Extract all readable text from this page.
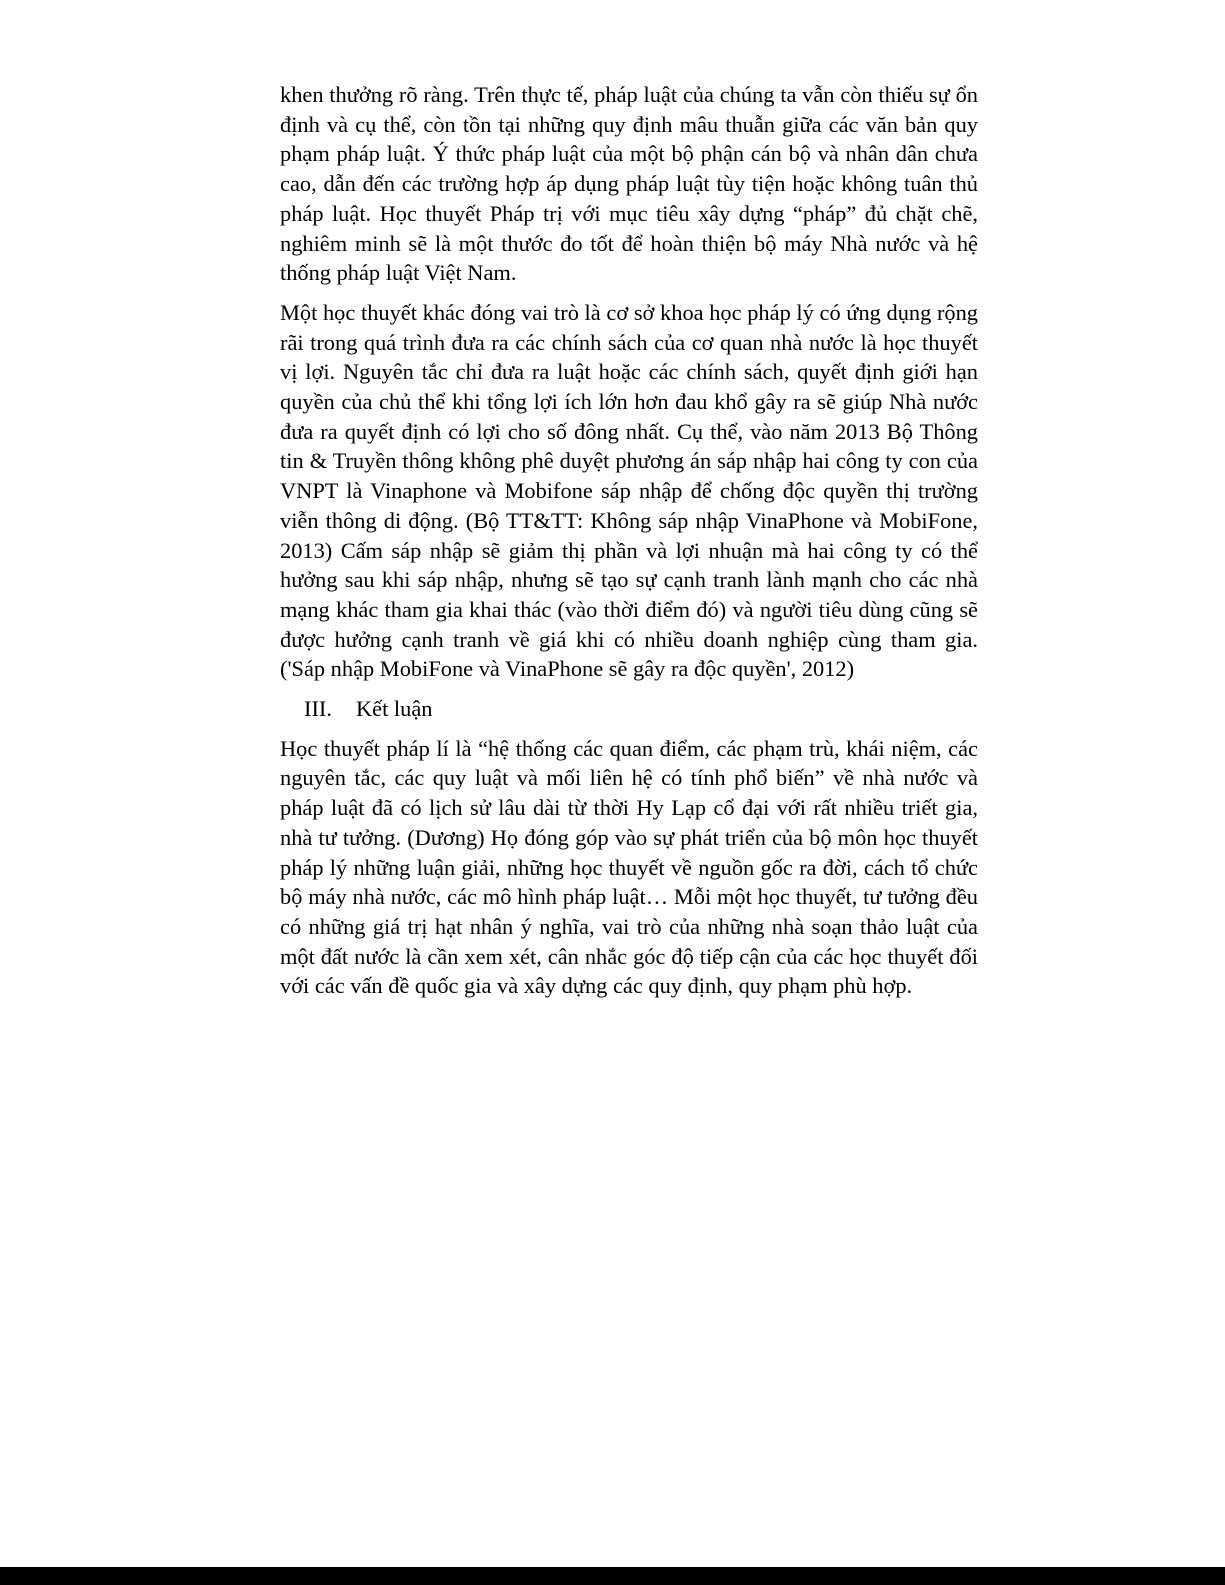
khen thưởng rõ ràng. Trên thực tế, pháp luật của chúng ta vẫn còn thiếu sự ổn định và cụ thể, còn tồn tại những quy định mâu thuẫn giữa các văn bản quy phạm pháp luật. Ý thức pháp luật của một bộ phận cán bộ và nhân dân chưa cao, dẫn đến các trường hợp áp dụng pháp luật tùy tiện hoặc không tuân thủ pháp luật. Học thuyết Pháp trị với mục tiêu xây dựng “pháp” đủ chặt chẽ, nghiêm minh sẽ là một thước đo tốt để hoàn thiện bộ máy Nhà nước và hệ thống pháp luật Việt Nam.

Một học thuyết khác đóng vai trò là cơ sở khoa học pháp lý có ứng dụng rộng rãi trong quá trình đưa ra các chính sách của cơ quan nhà nước là học thuyết vị lợi. Nguyên tắc chỉ đưa ra luật hoặc các chính sách, quyết định giới hạn quyền của chủ thể khi tổng lợi ích lớn hơn đau khổ gây ra sẽ giúp Nhà nước đưa ra quyết định có lợi cho số đông nhất. Cụ thể, vào năm 2013 Bộ Thông tin & Truyền thông không phê duyệt phương án sáp nhập hai công ty con của VNPT là Vinaphone và Mobifone sáp nhập để chống độc quyền thị trường viễn thông di động. (Bộ TT&TT: Không sáp nhập VinaPhone và MobiFone, 2013) Cấm sáp nhập sẽ giảm thị phần và lợi nhuận mà hai công ty có thể hưởng sau khi sáp nhập, nhưng sẽ tạo sự cạnh tranh lành mạnh cho các nhà mạng khác tham gia khai thác (vào thời điểm đó) và người tiêu dùng cũng sẽ được hưởng cạnh tranh về giá khi có nhiều doanh nghiệp cùng tham gia. ('Sáp nhập MobiFone và VinaPhone sẽ gây ra độc quyền', 2012)

III. Kết luận

Học thuyết pháp lí là “hệ thống các quan điểm, các phạm trù, khái niệm, các nguyên tắc, các quy luật và mối liên hệ có tính phổ biến” về nhà nước và pháp luật đã có lịch sử lâu dài từ thời Hy Lạp cổ đại với rất nhiều triết gia, nhà tư tưởng. (Dương) Họ đóng góp vào sự phát triển của bộ môn học thuyết pháp lý những luận giải, những học thuyết về nguồn gốc ra đời, cách tổ chức bộ máy nhà nước, các mô hình pháp luật… Mỗi một học thuyết, tư tưởng đều có những giá trị hạt nhân ý nghĩa, vai trò của những nhà soạn thảo luật của một đất nước là cần xem xét, cân nhắc góc độ tiếp cận của các học thuyết đối với các vấn đề quốc gia và xây dựng các quy định, quy phạm phù hợp.
